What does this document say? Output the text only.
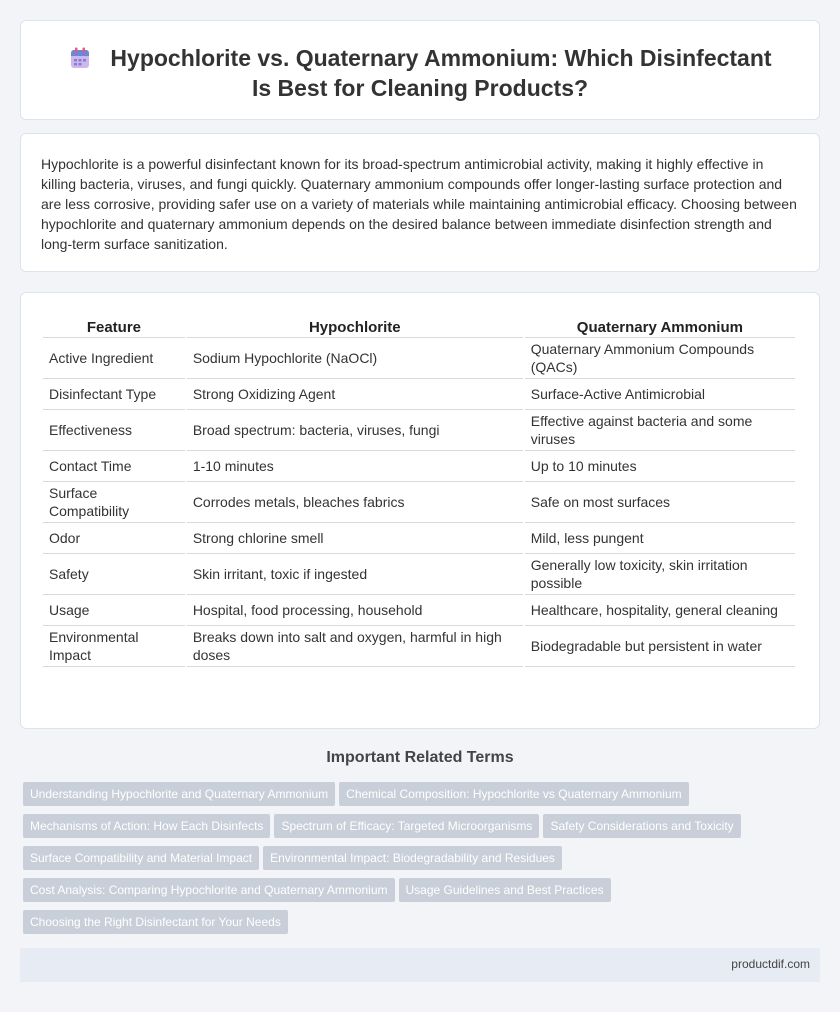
Hypochlorite vs. Quaternary Ammonium: Which Disinfectant Is Best for Cleaning Products?

Hypochlorite is a powerful disinfectant known for its broad-spectrum antimicrobial activity, making it highly effective in killing bacteria, viruses, and fungi quickly. Quaternary ammonium compounds offer longer-lasting surface protection and are less corrosive, providing safer use on a variety of materials while maintaining antimicrobial efficacy. Choosing between hypochlorite and quaternary ammonium depends on the desired balance between immediate disinfection strength and long-term surface sanitization.

Feature	Hypochlorite	Quaternary Ammonium
Active Ingredient	Sodium Hypochlorite (NaOCl)	Quaternary Ammonium Compounds (QACs)
Disinfectant Type	Strong Oxidizing Agent	Surface-Active Antimicrobial
Effectiveness	Broad spectrum: bacteria, viruses, fungi	Effective against bacteria and some viruses
Contact Time	1-10 minutes	Up to 10 minutes
Surface Compatibility	Corrodes metals, bleaches fabrics	Safe on most surfaces
Odor	Strong chlorine smell	Mild, less pungent
Safety	Skin irritant, toxic if ingested	Generally low toxicity, skin irritation possible
Usage	Hospital, food processing, household	Healthcare, hospitality, general cleaning
Environmental Impact	Breaks down into salt and oxygen, harmful in high doses	Biodegradable but persistent in water
Important Related Terms
Understanding Hypochlorite and Quaternary Ammonium Chemical Composition: Hypochlorite vs Quaternary Ammonium
Mechanisms of Action: How Each Disinfects Spectrum of Efficacy: Targeted Microorganisms Safety Considerations and Toxicity
Surface Compatibility and Material Impact Environmental Impact: Biodegradability and Residues
Cost Analysis: Comparing Hypochlorite and Quaternary Ammonium Usage Guidelines and Best Practices
Choosing the Right Disinfectant for Your Needs
productdif.com
